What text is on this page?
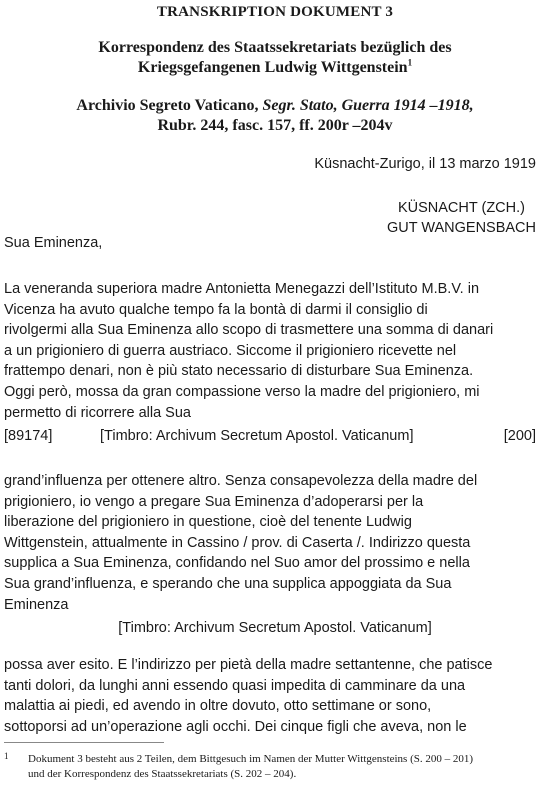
TRANSKRIPTION DOKUMENT 3
Korrespondenz des Staatssekretariats bezüglich des
Kriegsgefangenen Ludwig Wittgenstein$^1$
Archivio Segreto Vaticano, Segr. Stato, Guerra 1914 –1918,
Rubr. 244, fasc. 157, ff. 200r –204v
Küsnacht-Zurigo, il 13 marzo 1919
KÜSNACHT (ZCH.)
GUT WANGENSBACH
Sua Eminenza,
La veneranda superiora madre Antonietta Menegazzi dell’Istituto M.B.V. in
Vicenza ha avuto qualche tempo fa la bontà di darmi il consiglio di
rivolgermi alla Sua Eminenza allo scopo di trasmettere una somma di danari
a un prigioniero di guerra austriaco. Siccome il prigioniero ricevette nel
frattempo denari, non è più stato necessario di disturbare Sua Eminenza.
Oggi però, mossa da gran compassione verso la madre del prigioniero, mi
permetto di ricorrere alla Sua
[89174]	[Timbro: Archivum Secretum Apostol. Vaticanum]	[200]
grand’influenza per ottenere altro. Senza consapevolezza della madre del
prigioniero, io vengo a pregare Sua Eminenza d’adoperarsi per la
liberazione del prigioniero in questione, cioè del tenente Ludwig
Wittgenstein, attualmente in Cassino / prov. di Caserta /. Indirizzo questa
supplica a Sua Eminenza, confidando nel Suo amor del prossimo e nella
Sua grand’influenza, e sperando che una supplica appoggiata da Sua
Eminenza
[Timbro: Archivum Secretum Apostol. Vaticanum]
possa aver esito. E l’indirizzo per pietà della madre settantenne, che patisce
tanti dolori, da lunghi anni essendo quasi impedita di camminare da una
malattia ai piedi, ed avendo in oltre dovuto, otto settimane or sono,
sottoporsi ad un’operazione agli occhi. Dei cinque figli che aveva, non le
1 Dokument 3 besteht aus 2 Teilen, dem Bittgesuch im Namen der Mutter Wittgensteins (S. 200 – 201)
und der Korrespondenz des Staatssekretariats (S. 202 – 204).
